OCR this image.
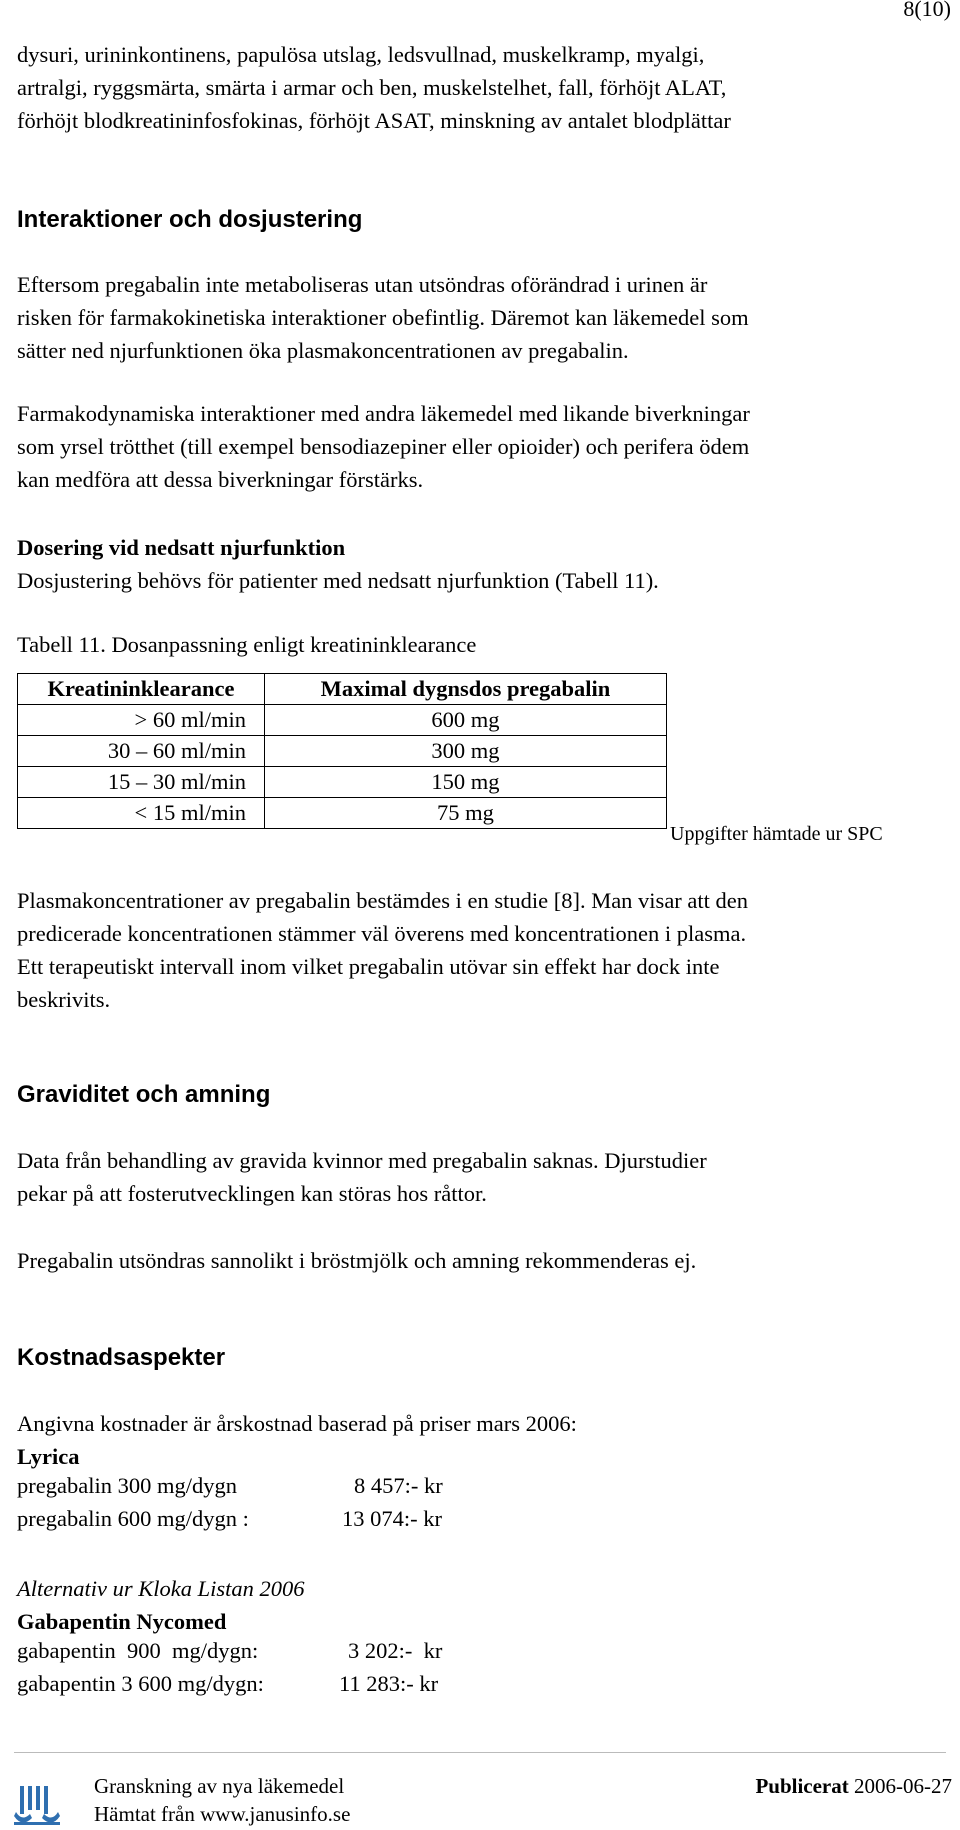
8(10)
dysuri, urininkontinens, papulösa utslag, ledsvullnad, muskelkramp, myalgi,
artralgi, ryggsmärta, smärta i armar och ben, muskelstelhet, fall, förhöjt ALAT,
förhöjt blodkreatininfosfokinas, förhöjt ASAT, minskning av antalet blodplättar
Interaktioner och dosjustering
Eftersom pregabalin inte metaboliseras utan utsöndras oförändrad i urinen är
risken för farmakokinetiska interaktioner obefintlig. Däremot kan läkemedel som
sätter ned njurfunktionen öka plasmakoncentrationen av pregabalin.
Farmakodynamiska interaktioner med andra läkemedel med likande biverkningar
som yrsel trötthet (till exempel bensodiazepiner eller opioider) och perifera ödem
kan medföra att dessa biverkningar förstärks.
Dosering vid nedsatt njurfunktion
Dosjustering behövs för patienter med nedsatt njurfunktion (Tabell 11).
Tabell 11. Dosanpassning enligt kreatininklearance
Kreatininklearance	Maximal dygnsdos pregabalin
> 60 ml/min	600 mg
30 – 60 ml/min	300 mg
15 – 30 ml/min	150 mg
< 15 ml/min	75 mg
Uppgifter hämtade ur SPC
Plasmakoncentrationer av pregabalin bestämdes i en studie [8]. Man visar att den
predicerade koncentrationen stämmer väl överens med koncentrationen i plasma.
Ett terapeutiskt intervall inom vilket pregabalin utövar sin effekt har dock inte
beskrivits.
Graviditet och amning
Data från behandling av gravida kvinnor med pregabalin saknas. Djurstudier
pekar på att fosterutvecklingen kan störas hos råttor.
Pregabalin utsöndras sannolikt i bröstmjölk och amning rekommenderas ej.
Kostnadsaspekter
Angivna kostnader är årskostnad baserad på priser mars 2006:
Lyrica
pregabalin 300 mg/dygn	8 457:- kr
pregabalin 600 mg/dygn :	13 074:- kr
Alternativ ur Kloka Listan 2006
Gabapentin Nycomed
gabapentin  900  mg/dygn:	3 202:-  kr
gabapentin 3 600 mg/dygn:	11 283:- kr
Granskning av nya läkemedel
Hämtat från www.janusinfo.se
Publicerat 2006-06-27
